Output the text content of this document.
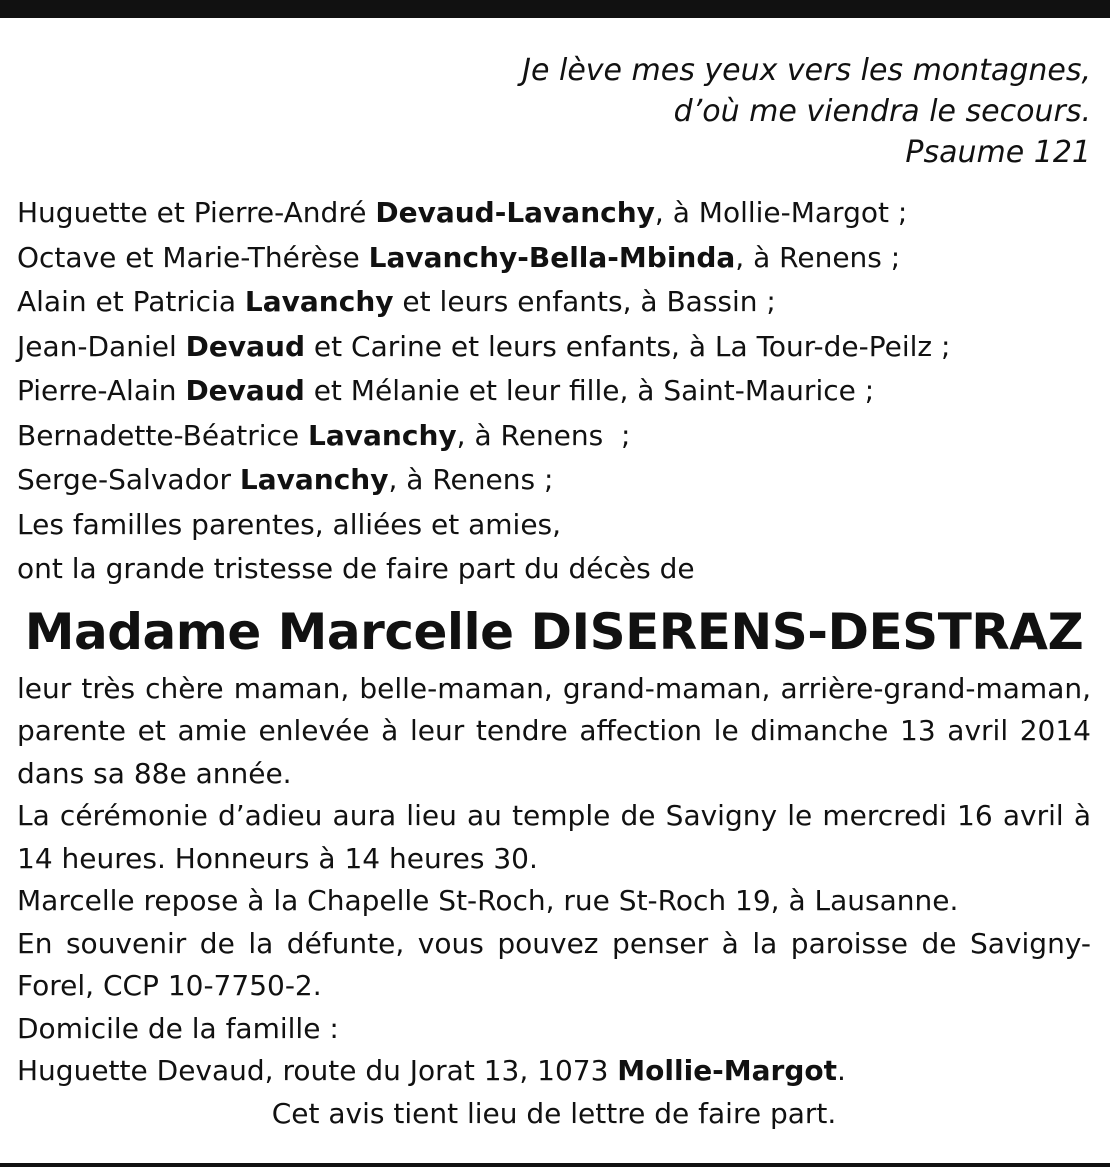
Je lève mes yeux vers les montagnes,
d’où me viendra le secours.
Psaume 121
Huguette et Pierre-André Devaud-Lavanchy, à Mollie-Margot ;
Octave et Marie-Thérèse Lavanchy-Bella-Mbinda, à Renens ;
Alain et Patricia Lavanchy et leurs enfants, à Bassin ;
Jean-Daniel Devaud et Carine et leurs enfants, à La Tour-de-Peilz ;
Pierre-Alain Devaud et Mélanie et leur fille, à Saint-Maurice ;
Bernadette-Béatrice Lavanchy, à Renens  ;
Serge-Salvador Lavanchy, à Renens ;
Les familles parentes, alliées et amies,
ont la grande tristesse de faire part du décès de
Madame Marcelle DISERENS-DESTRAZ

leur très chère maman, belle-maman, grand-maman, arrière-grand-maman, parente et amie enlevée à leur tendre affection le dimanche 13 avril 2014 dans sa 88e année.

La cérémonie d’adieu aura lieu au temple de Savigny le mercredi 16 avril à 14 heures. Honneurs à 14 heures 30.

Marcelle repose à la Chapelle St-Roch, rue St-Roch 19, à Lausanne.

En souvenir de la défunte, vous pouvez penser à la paroisse de Savigny-Forel, CCP 10-7750-2.

Domicile de la famille :
Huguette Devaud, route du Jorat 13, 1073 Mollie-Margot.
Cet avis tient lieu de lettre de faire part.
